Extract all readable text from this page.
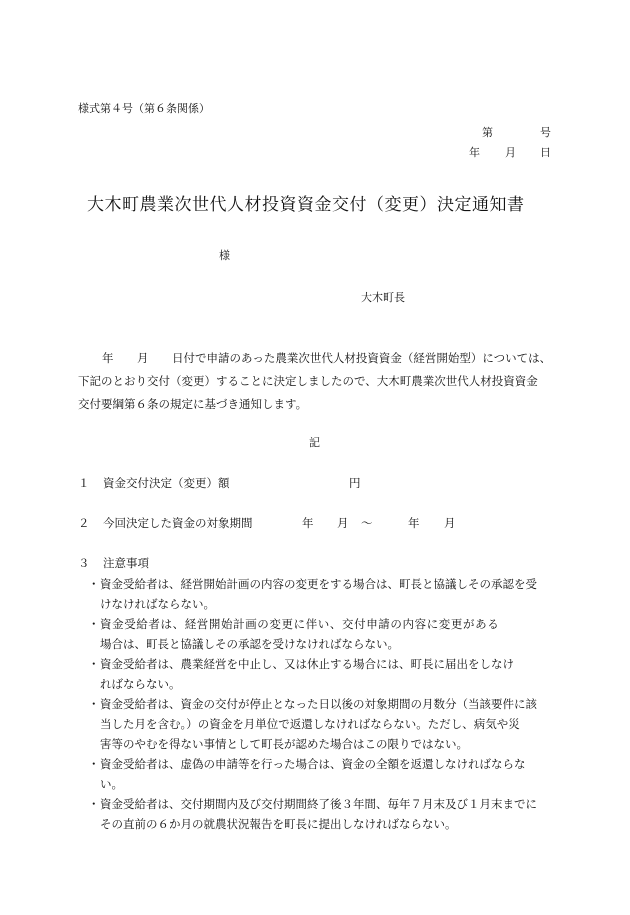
様式第４号（第６条関係）
第	号
年 月 日
大木町農業次世代人材投資資金交付（変更）決定通知書
様
大木町長
年 月 日付で申請のあった農業次世代人材投資資金（経営開始型）については、
下記のとおり交付（変更）することに決定しましたので、大木町農業次世代人材投資資金
交付要綱第６条の規定に基づき通知します。
記
１ 資金交付決定（変更）額	円
２ 今回決定した資金の対象期間	年 月 ～	年 月
３ 注意事項
・ 資金受給者は、経営開始計画の内容の変更をする場合は、町長と協議しその承認を受
けなければならない。
・ 資金受給者は、経営開始計画の変更に伴い、交付申請の内容に変更がある
場合は、町長と協議しその承認を受けなければならない。
・ 資金受給者は、農業経営を中止し、又は休止する場合には、町長に届出をしなけ
ればならない。
・ 資金受給者は、資金の交付が停止となった日以後の対象期間の月数分（当該要件に該
当した月を含む。）の資金を月単位で返還しなければならない。ただし、病気や災
害等のやむを得ない事情として町長が認めた場合はこの限りではない。
・ 資金受給者は、虚偽の申請等を行った場合は、資金の全額を返還しなければならな
い。
・ 資金受給者は、交付期間内及び交付期間終了後３年間、毎年７月末及び１月末までに
その直前の６か月の就農状況報告を町長に提出しなければならない。
